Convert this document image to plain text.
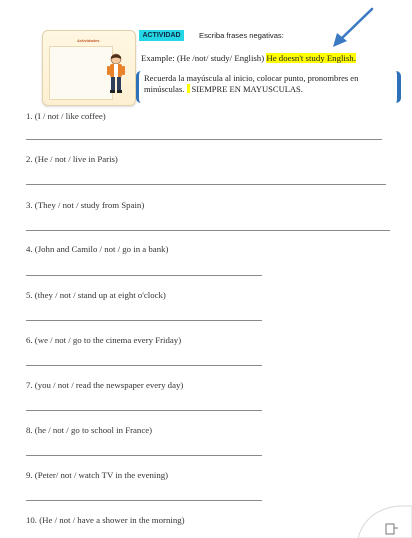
Actividades
ACTIVIDAD	Escriba frases negativas:
Example: (He /not/ study/ English) He doesn't study English.
Recuerda la mayúscula al inicio, colocar punto, pronombres en
minúsculas. SIEMPRE EN MAYUSCULAS.
1. (I / not / like coffee)
2. (He / not / live in Paris)
3. (They / not / study from Spain)
4. (John and Camilo / not / go in a bank)
5. (they / not / stand up at eight o'clock)
6. (we / not / go to the cinema every Friday)
7. (you / not / read the newspaper every day)
8. (he / not / go to school in France)
9. (Peter/ not / watch TV in the evening)
10. (He / not / have a shower in the morning)
